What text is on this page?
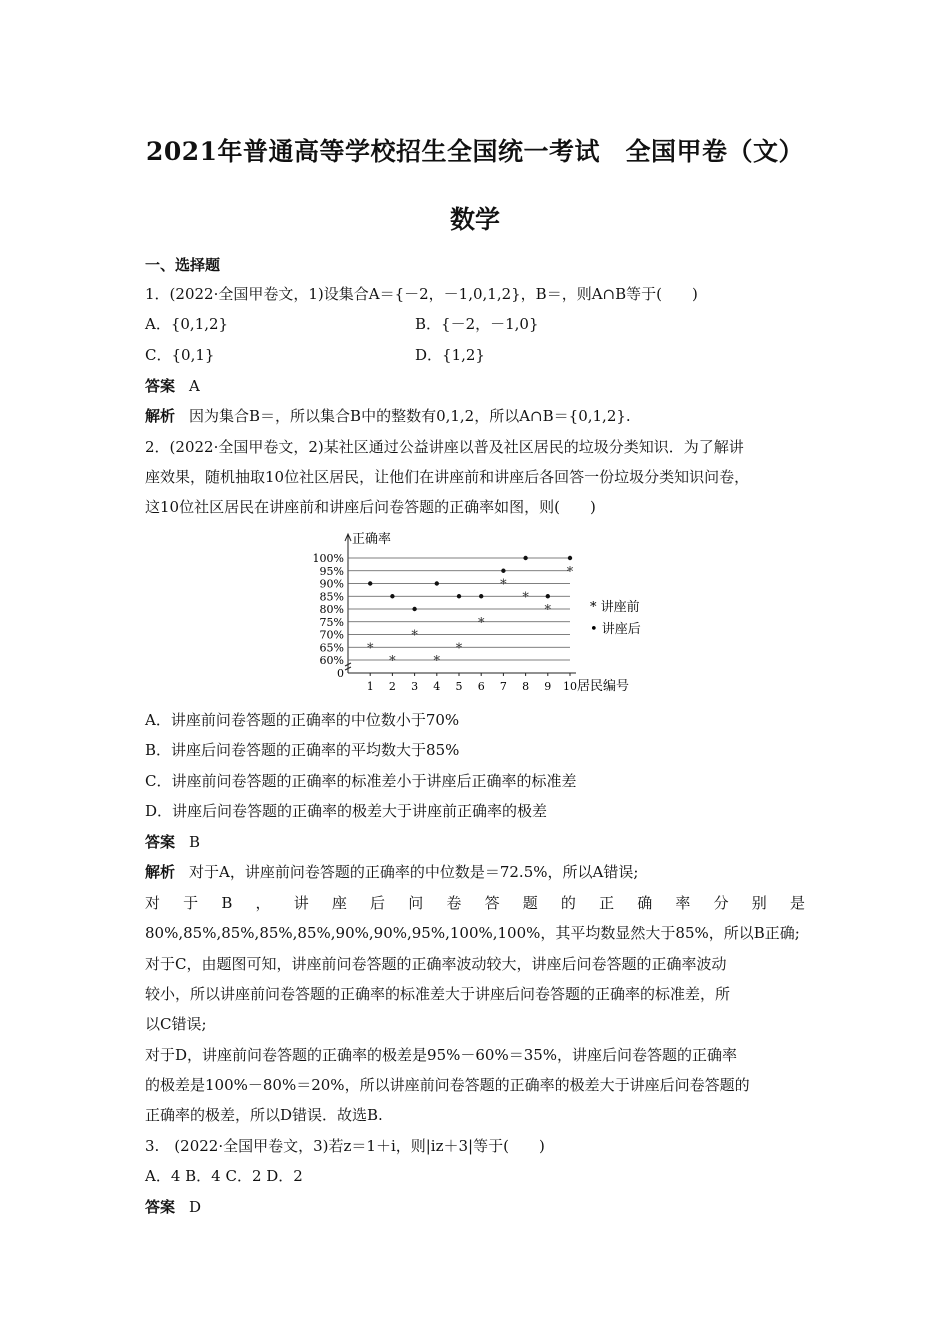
2021年普通高等学校招生全国统一考试　全国甲卷（文）
数学
一、选择题
1．(2022·全国甲卷文，1)设集合A＝{－2，－1,0,1,2}，B＝，则A∩B等于(　　)
A．{0,1,2}	B．{－2，－1,0}
C．{0,1}	D．{1,2}
答案 A
解析 因为集合B＝，所以集合B中的整数有0,1,2，所以A∩B＝{0,1,2}.
2．(2022·全国甲卷文，2)某社区通过公益讲座以普及社区居民的垃圾分类知识．为了解讲
座效果，随机抽取10位社区居民，让他们在讲座前和讲座后各回答一份垃圾分类知识问卷，
这10位社区居民在讲座前和讲座后问卷答题的正确率如图，则(　　)
正确率
居民编号
0
60%
65%
70%
75%
80%
85%
90%
95%
100%
1 2 3 4 5 6 7 8 9 10
*
*
*
*
*
*
*
*
*
*
* 讲座前
• 讲座后
A．讲座前问卷答题的正确率的中位数小于70%
B．讲座后问卷答题的正确率的平均数大于85%
C．讲座前问卷答题的正确率的标准差小于讲座后正确率的标准差
D．讲座后问卷答题的正确率的极差大于讲座前正确率的极差
答案 B
解析 对于A，讲座前问卷答题的正确率的中位数是＝72.5%，所以A错误;
对 于 B ， 讲 座 后 问 卷 答 题 的 正 确 率 分 别 是
80%,85%,85%,85%,85%,90%,90%,95%,100%,100%，其平均数显然大于85%，所以B正确;
对于C，由题图可知，讲座前问卷答题的正确率波动较大，讲座后问卷答题的正确率波动
较小，所以讲座前问卷答题的正确率的标准差大于讲座后问卷答题的正确率的标准差，所
以C错误;
对于D，讲座前问卷答题的正确率的极差是95%－60%＝35%，讲座后问卷答题的正确率
的极差是100%－80%＝20%，所以讲座前问卷答题的正确率的极差大于讲座后问卷答题的
正确率的极差，所以D错误．故选B.
3.　(2022·全国甲卷文，3)若z＝1＋i，则|iz＋3|等于(　　)
A．4 B．4 C．2 D．2
答案 D
